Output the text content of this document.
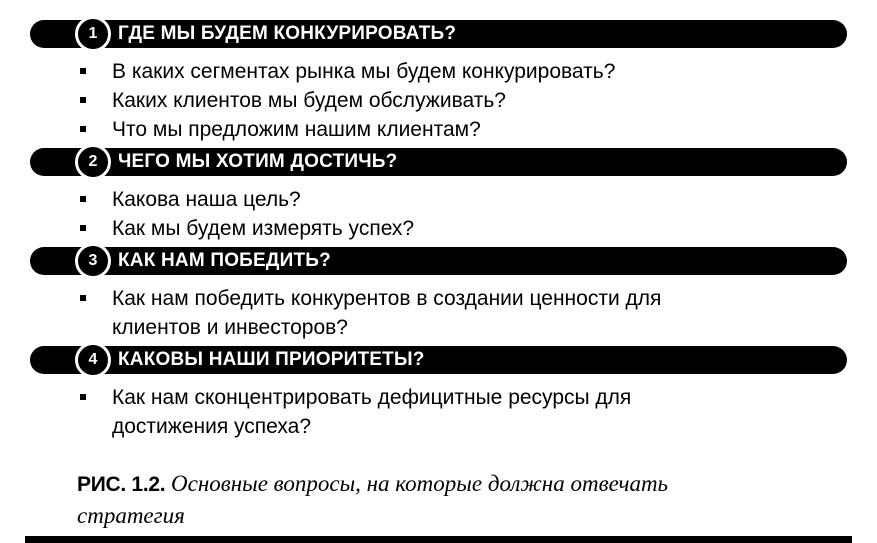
1	ГДЕ МЫ БУДЕМ КОНКУРИРОВАТЬ?
В каких сегментах рынка мы будем конкурировать?
Каких клиентов мы будем обслуживать?
Что мы предложим нашим клиентам?
2	ЧЕГО МЫ ХОТИМ ДОСТИЧЬ?
Какова наша цель?
Как мы будем измерять успех?
3	КАК НАМ ПОБЕДИТЬ?
Как нам победить конкурентов в создании ценности для клиентов и инвесторов?
4	КАКОВЫ НАШИ ПРИОРИТЕТЫ?
Как нам сконцентрировать дефицитные ресурсы для достижения успеха?
РИС. 1.2. Основные вопросы, на которые должна отвечать стратегия
